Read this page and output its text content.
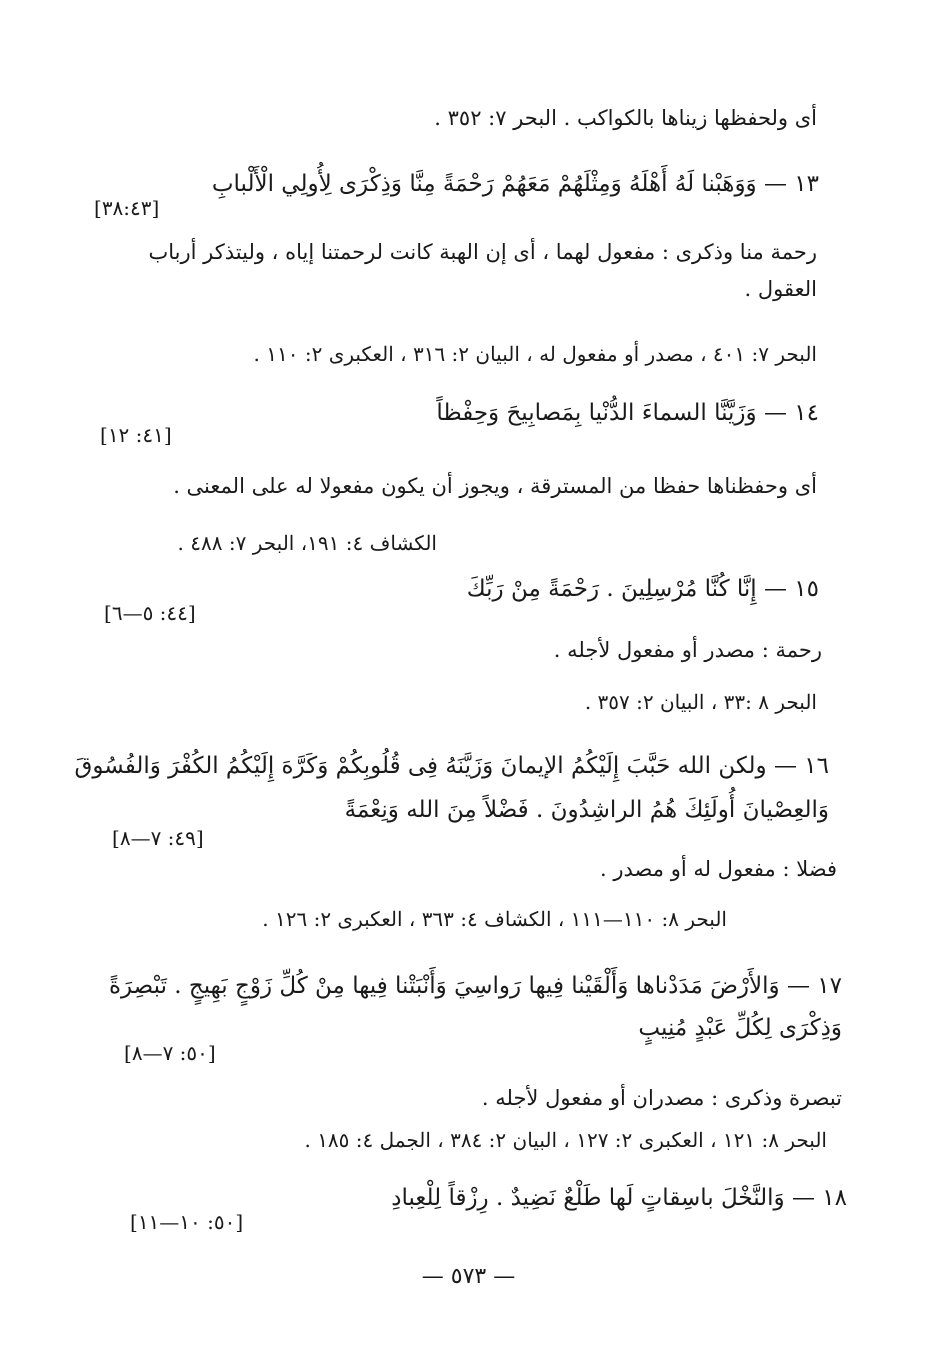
أى ولحفظها زيناها بالكواكب . البحر ٧: ٣٥٢ .
١٣ — وَوَهَبْنا لَهُ أَهْلَهُ وَمِثْلَهُمْ مَعَهُمْ رَحْمَةً مِنَّا وَذِكْرَى لِأُولِي الْأَلْبابِ
[٣٨:٤٣]
رحمة منا وذكرى : مفعول لهما ، أى إن الهبة كانت لرحمتنا إياه ، وليتذكر أرباب
العقول .
البحر ٧: ٤٠١ ، مصدر أو مفعول له ، البيان ٢: ٣١٦ ، العكبرى ٢: ١١٠ .
١٤ — وَزَيَّنَّا السماءَ الدُّنْيا بِمَصابِيحَ وَحِفْظاً
[٤١: ١٢]
أى وحفظناها حفظا من المسترقة ، ويجوز أن يكون مفعولا له على المعنى .
الكشاف ٤: ١٩١، البحر ٧: ٤٨٨ .
١٥ — إِنَّا كُنَّا مُرْسِلِينَ . رَحْمَةً مِنْ رَبِّكَ
[٤٤: ٥—٦]
رحمة : مصدر أو مفعول لأجله .
البحر ٨ :٣٣ ، البيان ٢: ٣٥٧ .
١٦ — ولكن الله حَبَّبَ إِلَيْكُمُ الإيمانَ وَزَيَّنَهُ فِى قُلُوبِكُمْ وَكَرَّهَ إِلَيْكُمُ الكُفْرَ وَالفُسُوقَ
وَالعِصْيانَ أُولَئِكَ هُمُ الراشِدُونَ . فَضْلاً مِنَ الله وَنِعْمَةً
[٤٩: ٧—٨]
فضلا : مفعول له أو مصدر .
البحر ٨: ١١٠—١١١ ، الكشاف ٤: ٣٦٣ ، العكبرى ٢: ١٢٦ .
١٧ — وَالأَرْضَ مَدَدْناها وَأَلْقَيْنا فِيها رَواسِيَ وَأَنْبَتْنا فِيها مِنْ كُلِّ زَوْجٍ بَهِيجٍ . تَبْصِرَةً
وَذِكْرَى لِكُلِّ عَبْدٍ مُنِيبٍ
[٥٠: ٧—٨]
تبصرة وذكرى : مصدران أو مفعول لأجله .
البحر ٨: ١٢١ ، العكبرى ٢: ١٢٧ ، البيان ٢: ٣٨٤ ، الجمل ٤: ١٨٥ .
١٨ — وَالنَّخْلَ باسِقاتٍ لَها طَلْعٌ نَضِيدٌ . رِزْقاً لِلْعِبادِ
[٥٠: ١٠—١١]
— ٥٧٣ —
